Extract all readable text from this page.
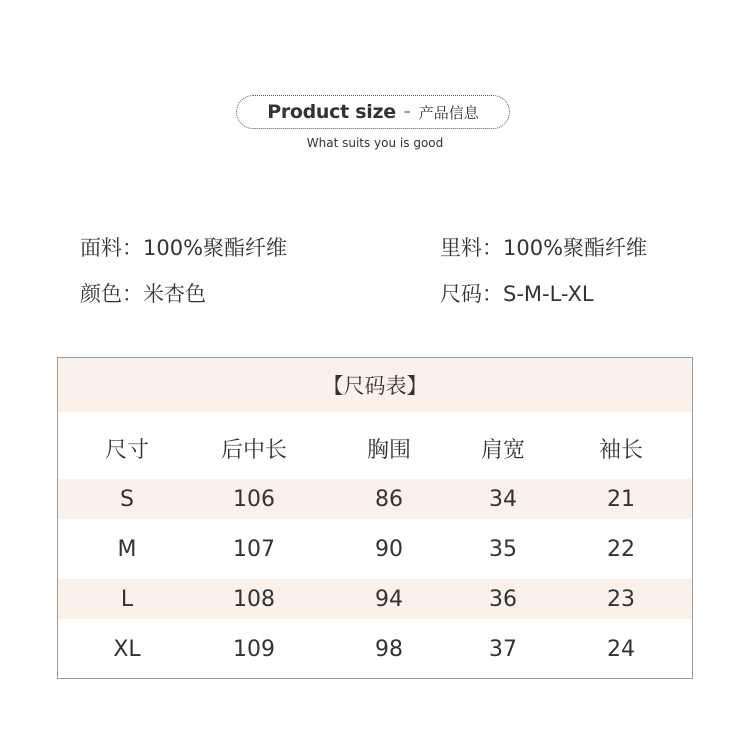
Product size – 产品信息
What suits you is good
面料：100%聚酯纤维	里料：100%聚酯纤维
颜色：米杏色	尺码：S-M-L-XL
【尺码表】
尺寸	后中长	胸围	肩宽	袖长
S	106	86	34	21
M	107	90	35	22
L	108	94	36	23
XL	109	98	37	24
